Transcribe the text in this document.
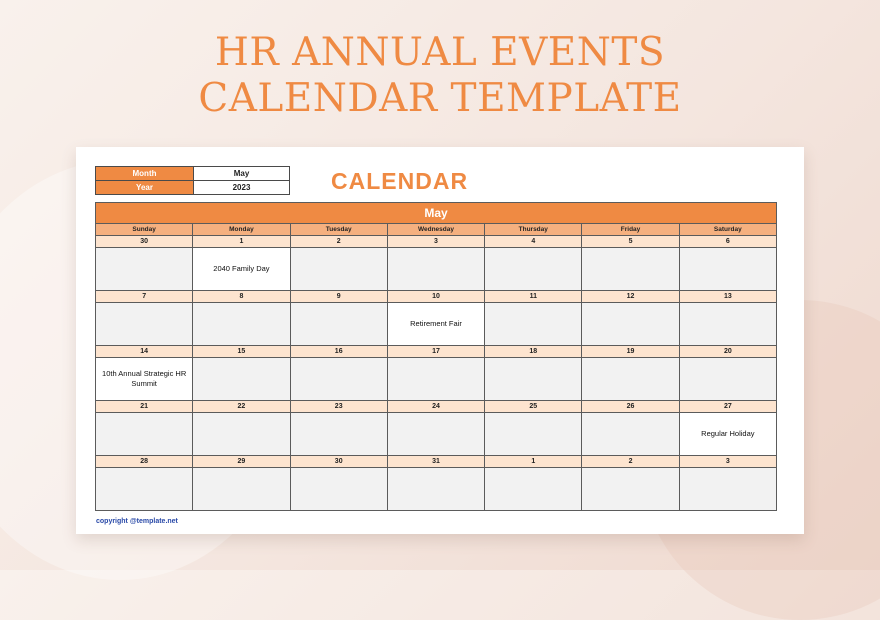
HR ANNUAL EVENTS
CALENDAR TEMPLATE
Month	May
Year	2023	CALENDAR
May						
Sunday	Monday	Tuesday	Wednesday	Thursday	Friday	Saturday
30	1	2	3	4	5	6
	2040 Family Day					
7	8	9	10	11	12	13
			Retirement Fair			
14	15	16	17	18	19	20
10th Annual Strategic HR Summit						
21	22	23	24	25	26	27
						Regular Holiday
28	29	30	31	1	2	3

copyright @template.net
